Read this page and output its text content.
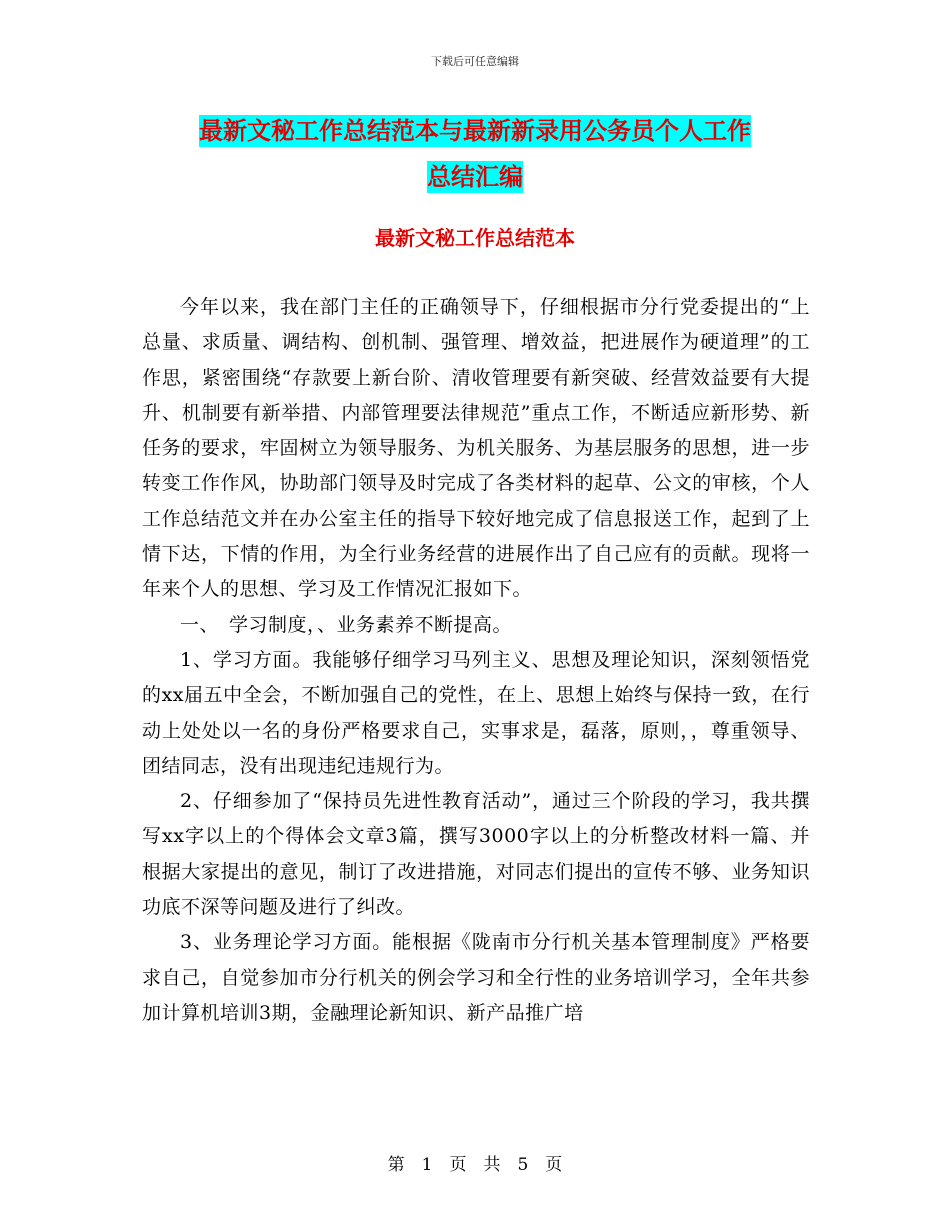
下载后可任意编辑
最新文秘工作总结范本与最新新录用公务员个人工作
总结汇编
最新文秘工作总结范本

今年以来，我在部门主任的正确领导下，仔细根据市分行党委提出的“上总量、求质量、调结构、创机制、强管理、增效益，把进展作为硬道理”的工作思，紧密围绕“存款要上新台阶、清收管理要有新突破、经营效益要有大提升、机制要有新举措、内部管理要法律规范”重点工作，不断适应新形势、新任务的要求，牢固树立为领导服务、为机关服务、为基层服务的思想，进一步转变工作作风，协助部门领导及时完成了各类材料的起草、公文的审核，个人工作总结范文并在办公室主任的指导下较好地完成了信息报送工作，起到了上情下达，下情的作用，为全行业务经营的进展作出了自己应有的贡献。现将一年来个人的思想、学习及工作情况汇报如下。

一、　学习制度，、业务素养不断提高。

1、学习方面。我能够仔细学习马列主义、思想及理论知识，深刻领悟党的xx届五中全会，不断加强自己的党性，在上、思想上始终与保持一致，在行动上处处以一名的身份严格要求自己，实事求是，磊落，原则，，尊重领导、团结同志，没有出现违纪违规行为。

2、仔细参加了“保持员先进性教育活动”，通过三个阶段的学习，我共撰写xx字以上的个得体会文章3篇，撰写3000字以上的分析整改材料一篇、并根据大家提出的意见，制订了改进措施，对同志们提出的宣传不够、业务知识功底不深等问题及进行了纠改。

3、业务理论学习方面。能根据《陇南市分行机关基本管理制度》严格要求自己，自觉参加市分行机关的例会学习和全行性的业务培训学习，全年共参加计算机培训3期，金融理论新知识、新产品推广培

第　1　页　共　5　页
